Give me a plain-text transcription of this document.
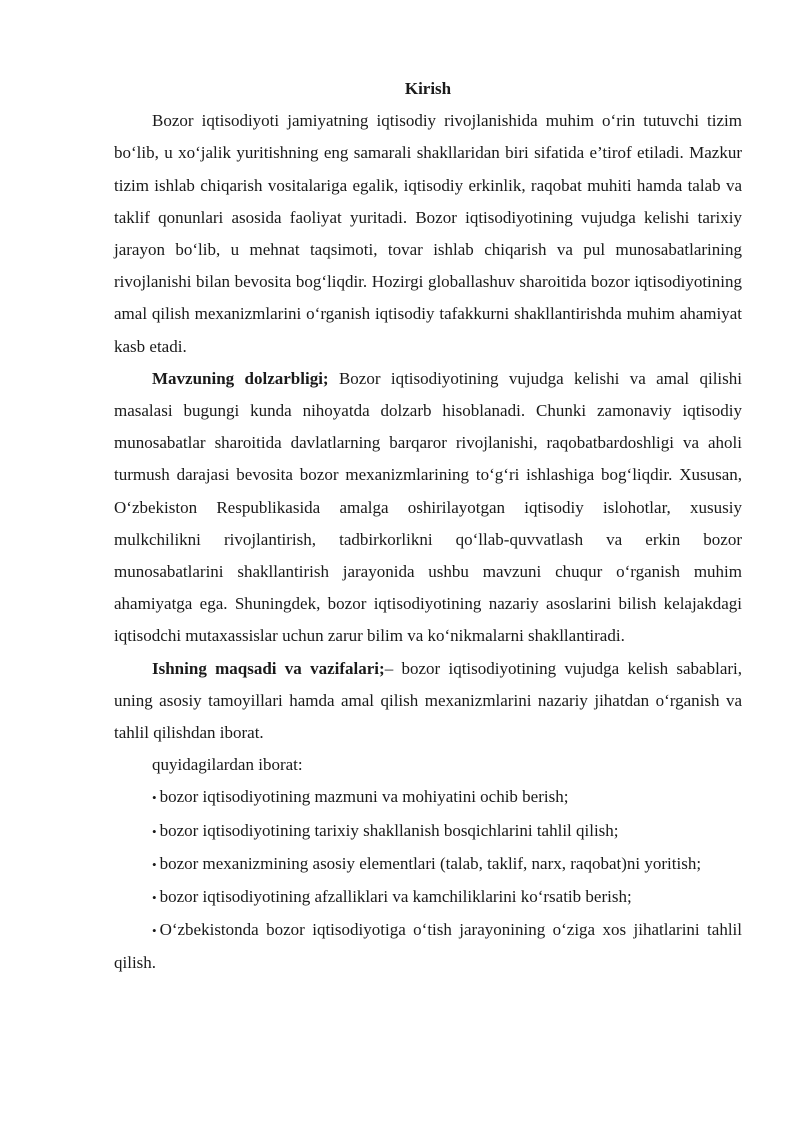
Kirish

Bozor iqtisodiyoti jamiyatning iqtisodiy rivojlanishida muhim o‘rin tutuvchi tizim bo‘lib, u xo‘jalik yuritishning eng samarali shakllaridan biri sifatida e’tirof etiladi. Mazkur tizim ishlab chiqarish vositalariga egalik, iqtisodiy erkinlik, raqobat muhiti hamda talab va taklif qonunlari asosida faoliyat yuritadi. Bozor iqtisodiyotining vujudga kelishi tarixiy jarayon bo‘lib, u mehnat taqsimoti, tovar ishlab chiqarish va pul munosabatlarining rivojlanishi bilan bevosita bog‘liqdir. Hozirgi globallashuv sharoitida bozor iqtisodiyotining amal qilish mexanizmlarini o‘rganish iqtisodiy tafakkurni shakllantirishda muhim ahamiyat kasb etadi.

Mavzuning dolzarbligi; Bozor iqtisodiyotining vujudga kelishi va amal qilishi masalasi bugungi kunda nihoyatda dolzarb hisoblanadi. Chunki zamonaviy iqtisodiy munosabatlar sharoitida davlatlarning barqaror rivojlanishi, raqobatbardoshligi va aholi turmush darajasi bevosita bozor mexanizmlarining to‘g‘ri ishlashiga bog‘liqdir. Xususan, O‘zbekiston Respublikasida amalga oshirilayotgan iqtisodiy islohotlar, xususiy mulkchilikni rivojlantirish, tadbirkorlikni qo‘llab-quvvatlash va erkin bozor munosabatlarini shakllantirish jarayonida ushbu mavzuni chuqur o‘rganish muhim ahamiyatga ega. Shuningdek, bozor iqtisodiyotining nazariy asoslarini bilish kelajakdagi iqtisodchi mutaxassislar uchun zarur bilim va ko‘nikmalarni shakllantiradi.

Ishning maqsadi va vazifalari;– bozor iqtisodiyotining vujudga kelish sabablari, uning asosiy tamoyillari hamda amal qilish mexanizmlarini nazariy jihatdan o‘rganish va tahlil qilishdan iborat.

quyidagilardan iborat:

• bozor iqtisodiyotining mazmuni va mohiyatini ochib berish;

• bozor iqtisodiyotining tarixiy shakllanish bosqichlarini tahlil qilish;

• bozor mexanizmining asosiy elementlari (talab, taklif, narx, raqobat)ni yoritish;

• bozor iqtisodiyotining afzalliklari va kamchiliklarini ko‘rsatib berish;

• O‘zbekistonda bozor iqtisodiyotiga o‘tish jarayonining o‘ziga xos jihatlarini tahlil qilish.
